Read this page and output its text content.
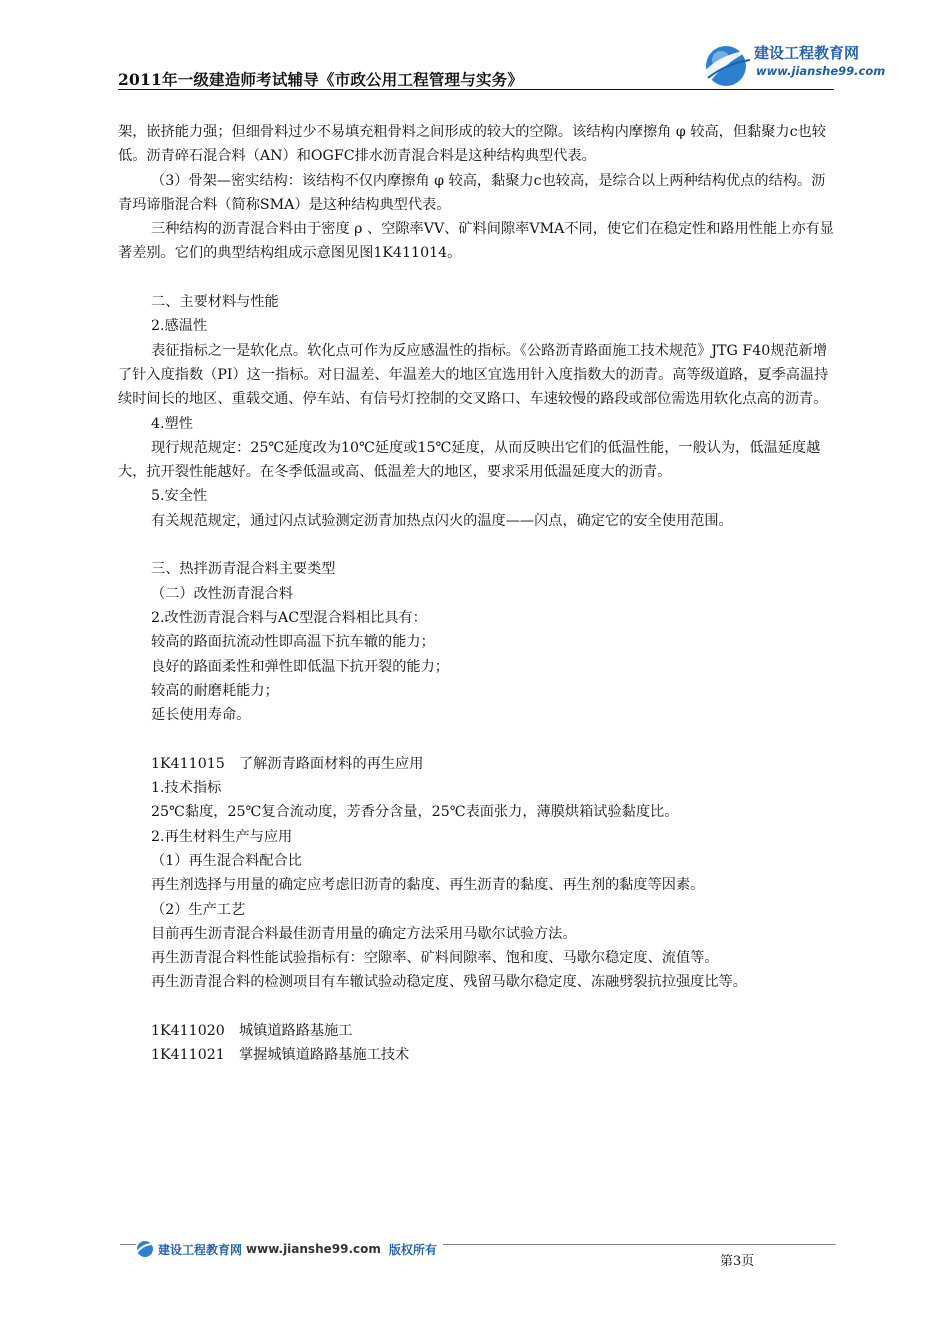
2011年一级建造师考试辅导《市政公用工程管理与实务》
建设工程教育网
www.jianshe99.com

架，嵌挤能力强；但细骨料过少不易填充粗骨料之间形成的较大的空隙。该结构内摩擦角 φ 较高，但黏聚力c也较低。沥青碎石混合料（AN）和OGFC排水沥青混合料是这种结构典型代表。

（3）骨架—密实结构：该结构不仅内摩擦角 φ 较高，黏聚力c也较高，是综合以上两种结构优点的结构。沥青玛谛脂混合料（简称SMA）是这种结构典型代表。

三种结构的沥青混合料由于密度 ρ 、空隙率VV、矿料间隙率VMA不同，使它们在稳定性和路用性能上亦有显著差别。它们的典型结构组成示意图见图1K411014。

二、主要材料与性能

2.感温性

表征指标之一是软化点。软化点可作为反应感温性的指标。《公路沥青路面施工技术规范》JTG F40规范新增了针入度指数（PI）这一指标。对日温差、年温差大的地区宜选用针入度指数大的沥青。高等级道路，夏季高温持续时间长的地区、重载交通、停车站、有信号灯控制的交叉路口、车速较慢的路段或部位需选用软化点高的沥青。

4.塑性

现行规范规定：25℃延度改为10℃延度或15℃延度，从而反映出它们的低温性能，一般认为，低温延度越大，抗开裂性能越好。在冬季低温或高、低温差大的地区，要求采用低温延度大的沥青。

5.安全性

有关规范规定，通过闪点试验测定沥青加热点闪火的温度——闪点，确定它的安全使用范围。

三、热拌沥青混合料主要类型

（二）改性沥青混合料

2.改性沥青混合料与AC型混合料相比具有：

较高的路面抗流动性即高温下抗车辙的能力；

良好的路面柔性和弹性即低温下抗开裂的能力；

较高的耐磨耗能力；

延长使用寿命。

1K411015　了解沥青路面材料的再生应用

1.技术指标

25℃黏度，25℃复合流动度，芳香分含量，25℃表面张力，薄膜烘箱试验黏度比。

2.再生材料生产与应用

（1）再生混合料配合比

再生剂选择与用量的确定应考虑旧沥青的黏度、再生沥青的黏度、再生剂的黏度等因素。

（2）生产工艺

目前再生沥青混合料最佳沥青用量的确定方法采用马歇尔试验方法。

再生沥青混合料性能试验指标有：空隙率、矿料间隙率、饱和度、马歇尔稳定度、流值等。

再生沥青混合料的检测项目有车辙试验动稳定度、残留马歇尔稳定度、冻融劈裂抗拉强度比等。

1K411020　城镇道路路基施工

1K411021　掌握城镇道路路基施工技术

建设工程教育网 www.jianshe99.com 版权所有
第3页
